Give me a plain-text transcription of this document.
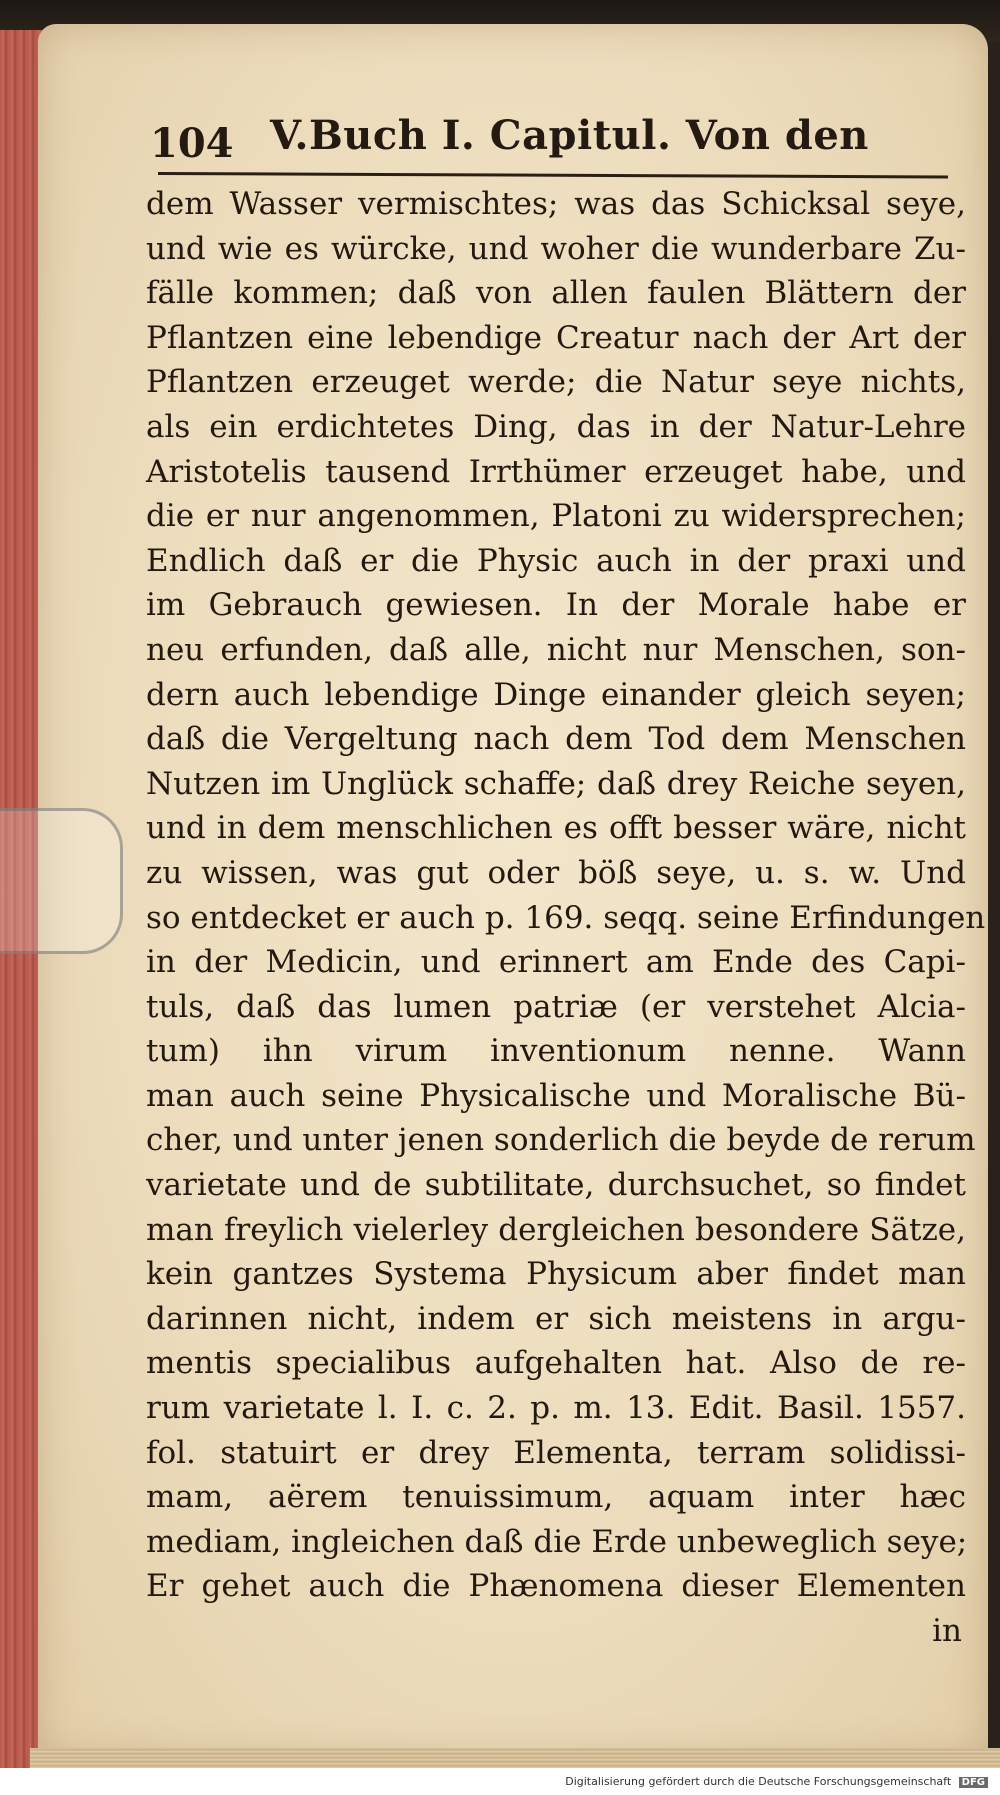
104 V.Buch I. Capitul. Von den
dem Wasser vermischtes; was das Schicksal seye,
und wie es würcke, und woher die wunderbare Zu-
fälle kommen; daß von allen faulen Blättern der
Pflantzen eine lebendige Creatur nach der Art der
Pflantzen erzeuget werde; die Natur seye nichts,
als ein erdichtetes Ding, das in der Natur-Lehre
Aristotelis tausend Irrthümer erzeuget habe, und
die er nur angenommen, Platoni zu widersprechen;
Endlich daß er die Physic auch in der praxi und
im Gebrauch gewiesen. In der Morale habe er
neu erfunden, daß alle, nicht nur Menschen, son-
dern auch lebendige Dinge einander gleich seyen;
daß die Vergeltung nach dem Tod dem Menschen
Nutzen im Unglück schaffe; daß drey Reiche seyen,
und in dem menschlichen es offt besser wäre, nicht
zu wissen, was gut oder böß seye, u. s. w. Und
so entdecket er auch p. 169. seqq. seine Erfindungen
in der Medicin, und erinnert am Ende des Capi-
tuls, daß das lumen patriæ (er verstehet Alcia-
tum) ihn virum inventionum nenne. Wann
man auch seine Physicalische und Moralische Bü-
cher, und unter jenen sonderlich die beyde de rerum
varietate und de subtilitate, durchsuchet, so findet
man freylich vielerley dergleichen besondere Sätze,
kein gantzes Systema Physicum aber findet man
darinnen nicht, indem er sich meistens in argu-
mentis specialibus aufgehalten hat. Also de re-
rum varietate l. I. c. 2. p. m. 13. Edit. Basil. 1557.
fol. statuirt er drey Elementa, terram solidissi-
mam, aërem tenuissimum, aquam inter hæc
mediam, ingleichen daß die Erde unbeweglich seye;
Er gehet auch die Phænomena dieser Elementen
in
Digitalisierung gefördert durch die Deutsche Forschungsgemeinschaft DFG
